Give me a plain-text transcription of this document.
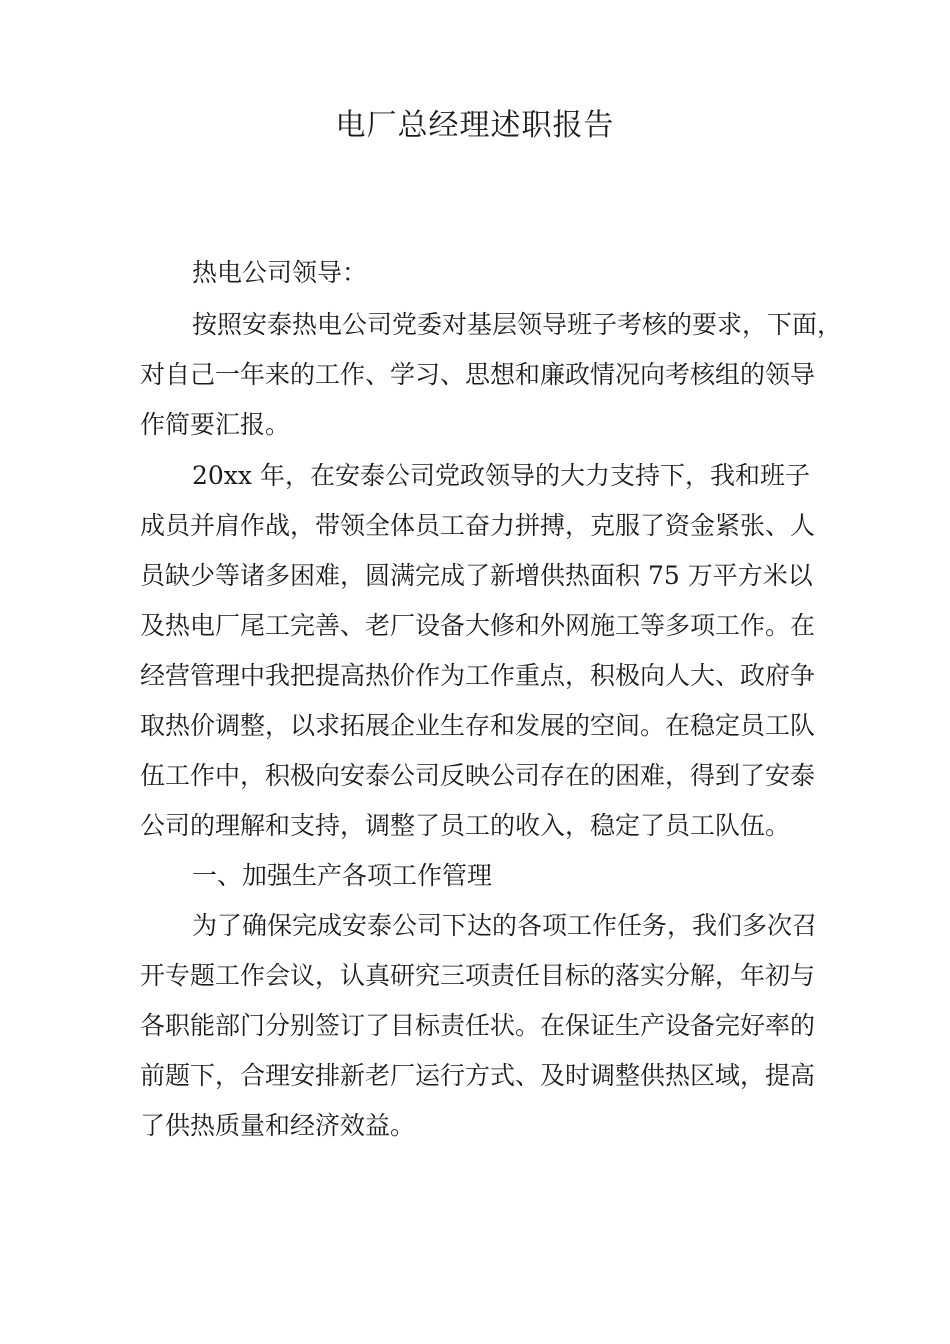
电厂总经理述职报告
热电公司领导：
按照安泰热电公司党委对基层领导班子考核的要求，下面，
对自己一年来的工作、学习、思想和廉政情况向考核组的领导
作简要汇报。
20xx 年，在安泰公司党政领导的大力支持下，我和班子
成员并肩作战，带领全体员工奋力拼搏，克服了资金紧张、人
员缺少等诸多困难，圆满完成了新增供热面积 75 万平方米以
及热电厂尾工完善、老厂设备大修和外网施工等多项工作。在
经营管理中我把提高热价作为工作重点，积极向人大、政府争
取热价调整，以求拓展企业生存和发展的空间。在稳定员工队
伍工作中，积极向安泰公司反映公司存在的困难，得到了安泰
公司的理解和支持，调整了员工的收入，稳定了员工队伍。
一、加强生产各项工作管理
为了确保完成安泰公司下达的各项工作任务，我们多次召
开专题工作会议，认真研究三项责任目标的落实分解，年初与
各职能部门分别签订了目标责任状。在保证生产设备完好率的
前题下，合理安排新老厂运行方式、及时调整供热区域，提高
了供热质量和经济效益。
